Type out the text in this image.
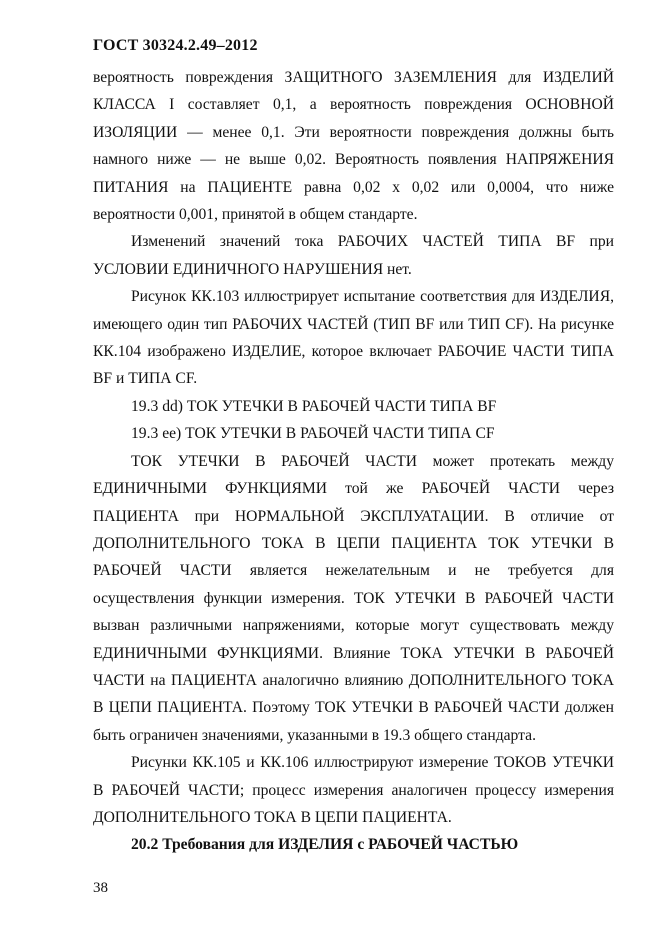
ГОСТ 30324.2.49–2012

вероятность повреждения ЗАЩИТНОГО ЗАЗЕМЛЕНИЯ для ИЗДЕЛИЙ КЛАССА I составляет 0,1, а вероятность повреждения ОСНОВНОЙ ИЗОЛЯЦИИ — менее 0,1. Эти вероятности повреждения должны быть намного ниже — не выше 0,02. Вероятность появления НАПРЯЖЕНИЯ ПИТАНИЯ на ПАЦИЕНТЕ равна 0,02 x 0,02 или 0,0004, что ниже вероятности 0,001, принятой в общем стандарте.

Изменений значений тока РАБОЧИХ ЧАСТЕЙ ТИПА BF при УСЛОВИИ ЕДИНИЧНОГО НАРУШЕНИЯ нет.

Рисунок КК.103 иллюстрирует испытание соответствия для ИЗДЕЛИЯ, имеющего один тип РАБОЧИХ ЧАСТЕЙ (ТИП BF или ТИП CF). На рисунке КК.104 изображено ИЗДЕЛИЕ, которое включает РАБОЧИЕ ЧАСТИ ТИПА BF и ТИПА CF.

19.3 dd) ТОК УТЕЧКИ В РАБОЧЕЙ ЧАСТИ ТИПА BF

19.3 ee) ТОК УТЕЧКИ В РАБОЧЕЙ ЧАСТИ ТИПА CF

ТОК УТЕЧКИ В РАБОЧЕЙ ЧАСТИ может протекать между ЕДИНИЧНЫМИ ФУНКЦИЯМИ той же РАБОЧЕЙ ЧАСТИ через ПАЦИЕНТА при НОРМАЛЬНОЙ ЭКСПЛУАТАЦИИ. В отличие от ДОПОЛНИТЕЛЬНОГО ТОКА В ЦЕПИ ПАЦИЕНТА ТОК УТЕЧКИ В РАБОЧЕЙ ЧАСТИ является нежелательным и не требуется для осуществления функции измерения. ТОК УТЕЧКИ В РАБОЧЕЙ ЧАСТИ вызван различными напряжениями, которые могут существовать между ЕДИНИЧНЫМИ ФУНКЦИЯМИ. Влияние ТОКА УТЕЧКИ В РАБОЧЕЙ ЧАСТИ на ПАЦИЕНТА аналогично влиянию ДОПОЛНИТЕЛЬНОГО ТОКА В ЦЕПИ ПАЦИЕНТА. Поэтому ТОК УТЕЧКИ В РАБОЧЕЙ ЧАСТИ должен быть ограничен значениями, указанными в 19.3 общего стандарта.

Рисунки КК.105 и КК.106 иллюстрируют измерение ТОКОВ УТЕЧКИ В РАБОЧЕЙ ЧАСТИ; процесс измерения аналогичен процессу измерения ДОПОЛНИТЕЛЬНОГО ТОКА В ЦЕПИ ПАЦИЕНТА.

20.2 Требования для ИЗДЕЛИЯ с РАБОЧЕЙ ЧАСТЬЮ

38
